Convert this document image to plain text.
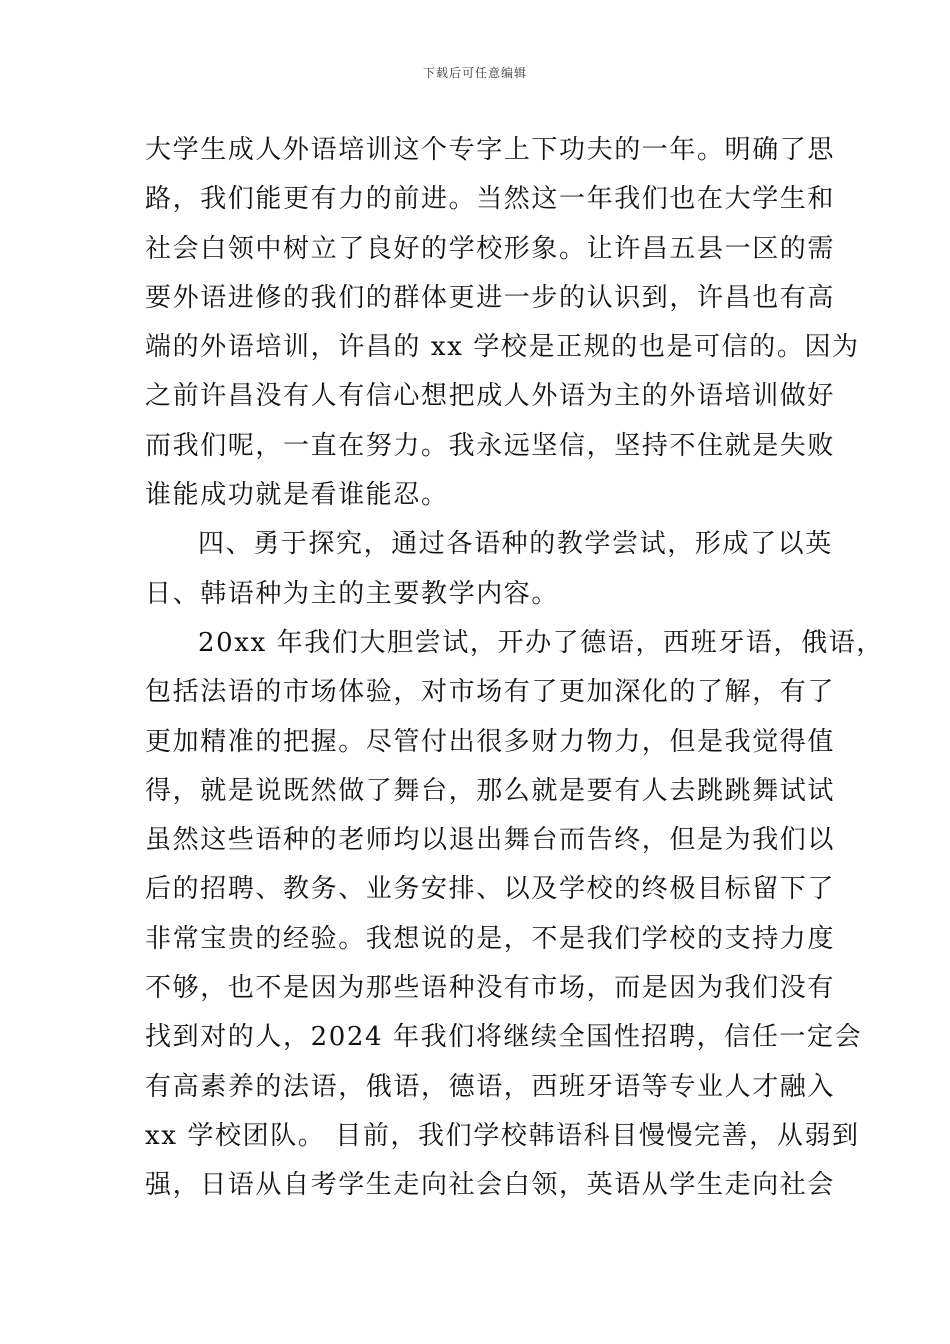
下载后可任意编辑
大学生成人外语培训这个专字上下功夫的一年。明确了思
路，我们能更有力的前进。当然这一年我们也在大学生和
社会白领中树立了良好的学校形象。让许昌五县一区的需
要外语进修的我们的群体更进一步的认识到，许昌也有高
端的外语培训，许昌的 xx 学校是正规的也是可信的。因为
之前许昌没有人有信心想把成人外语为主的外语培训做好
而我们呢，一直在努力。我永远坚信，坚持不住就是失败
谁能成功就是看谁能忍。
四、勇于探究，通过各语种的教学尝试，形成了以英
日、韩语种为主的主要教学内容。
20xx 年我们大胆尝试，开办了德语，西班牙语，俄语，
包括法语的市场体验，对市场有了更加深化的了解，有了
更加精准的把握。尽管付出很多财力物力，但是我觉得值
得，就是说既然做了舞台，那么就是要有人去跳跳舞试试
虽然这些语种的老师均以退出舞台而告终，但是为我们以
后的招聘、教务、业务安排、以及学校的终极目标留下了
非常宝贵的经验。我想说的是，不是我们学校的支持力度
不够，也不是因为那些语种没有市场，而是因为我们没有
找到对的人，2024 年我们将继续全国性招聘，信任一定会
有高素养的法语，俄语，德语，西班牙语等专业人才融入
xx 学校团队。 目前，我们学校韩语科目慢慢完善，从弱到
强，日语从自考学生走向社会白领，英语从学生走向社会
